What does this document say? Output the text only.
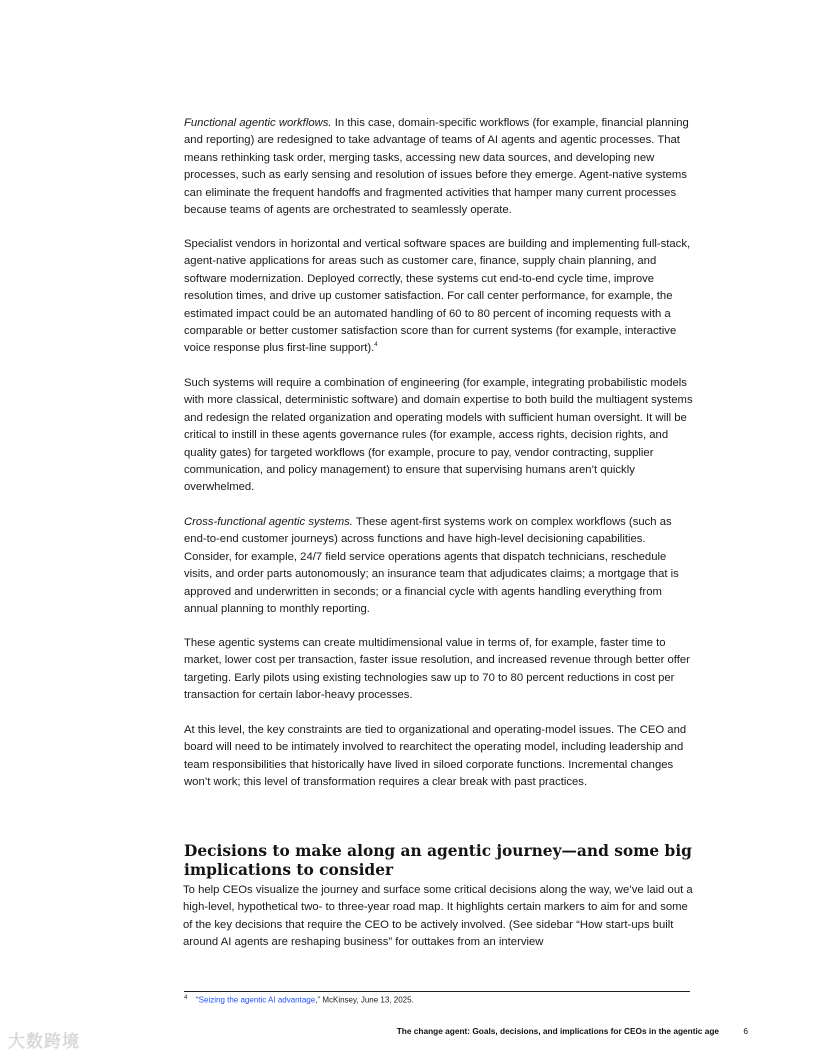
Functional agentic workflows. In this case, domain-specific workflows (for example, financial planning and reporting) are redesigned to take advantage of teams of AI agents and agentic processes. That means rethinking task order, merging tasks, accessing new data sources, and developing new processes, such as early sensing and resolution of issues before they emerge. Agent-native systems can eliminate the frequent handoffs and fragmented activities that hamper many current processes because teams of agents are orchestrated to seamlessly operate.

Specialist vendors in horizontal and vertical software spaces are building and implementing full-stack, agent-native applications for areas such as customer care, finance, supply chain planning, and software modernization. Deployed correctly, these systems cut end-to-end cycle time, improve resolution times, and drive up customer satisfaction. For call center performance, for example, the estimated impact could be an automated handling of 60 to 80 percent of incoming requests with a comparable or better customer satisfaction score than for current systems (for example, interactive voice response plus first-line support).$^4$

Such systems will require a combination of engineering (for example, integrating probabilistic models with more classical, deterministic software) and domain expertise to both build the multiagent systems and redesign the related organization and operating models with sufficient human oversight. It will be critical to instill in these agents governance rules (for example, access rights, decision rights, and quality gates) for targeted workflows (for example, procure to pay, vendor contracting, supplier communication, and policy management) to ensure that supervising humans aren’t quickly overwhelmed.

Cross-functional agentic systems. These agent-first systems work on complex workflows (such as end-to-end customer journeys) across functions and have high-level decisioning capabilities. Consider, for example, 24/7 field service operations agents that dispatch technicians, reschedule visits, and order parts autonomously; an insurance team that adjudicates claims; a mortgage that is approved and underwritten in seconds; or a financial cycle with agents handling everything from annual planning to monthly reporting.

These agentic systems can create multidimensional value in terms of, for example, faster time to market, lower cost per transaction, faster issue resolution, and increased revenue through better offer targeting. Early pilots using existing technologies saw up to 70 to 80 percent reductions in cost per transaction for certain labor-heavy processes.

At this level, the key constraints are tied to organizational and operating-model issues. The CEO and board will need to be intimately involved to rearchitect the operating model, including leadership and team responsibilities that historically have lived in siloed corporate functions. Incremental changes won’t work; this level of transformation requires a clear break with past practices.

Decisions to make along an agentic journey—and some big implications to consider

To help CEOs visualize the journey and surface some critical decisions along the way, we’ve laid out a high-level, hypothetical two- to three-year road map. It highlights certain markers to aim for and some of the key decisions that require the CEO to be actively involved. (See sidebar “How start-ups built around AI agents are reshaping business” for outtakes from an interview

4 “Seizing the agentic AI advantage,” McKinsey, June 13, 2025.
The change agent: Goals, decisions, and implications for CEOs in the agentic age	6
大数跨境
